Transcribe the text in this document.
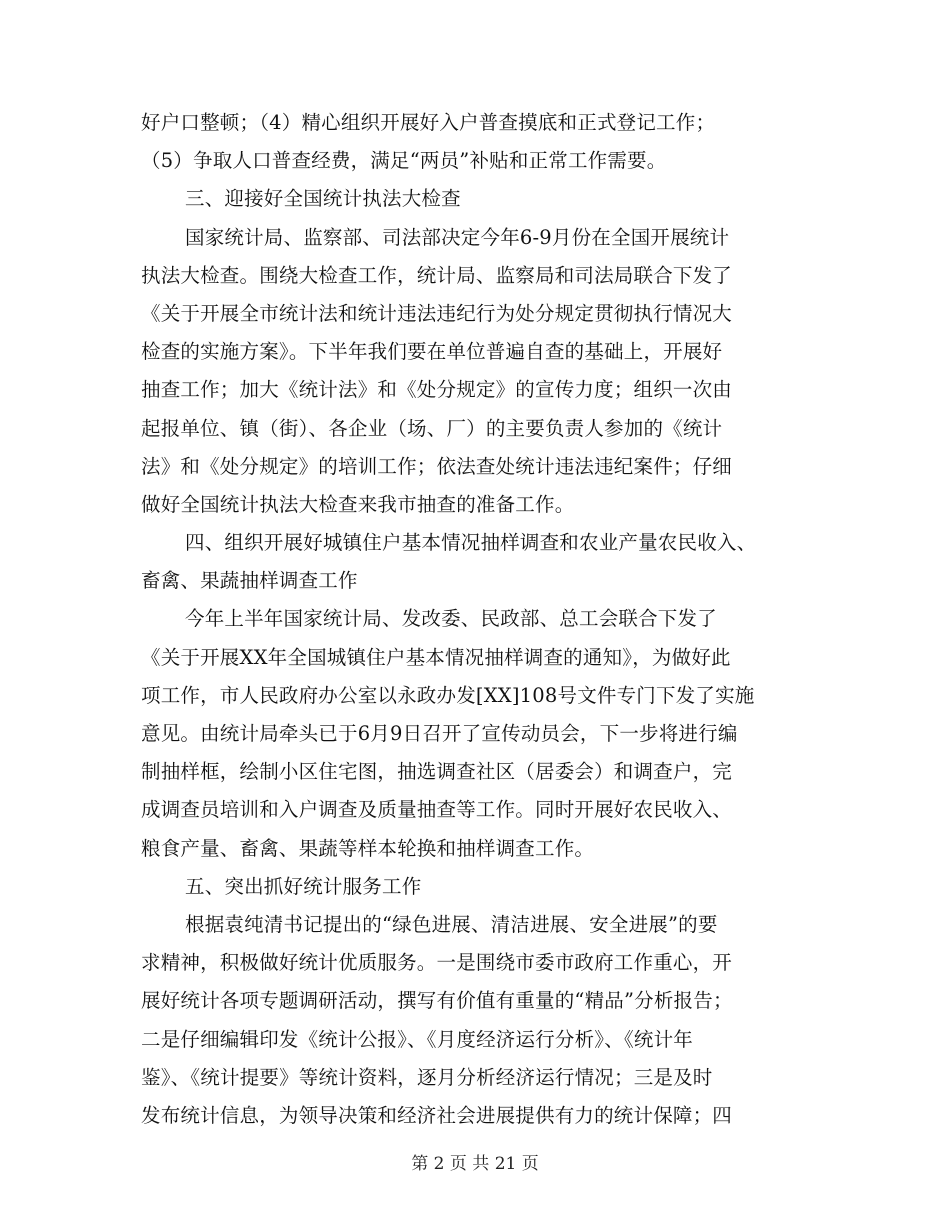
好户口整顿；（4）精心组织开展好入户普查摸底和正式登记工作；
（5）争取人口普查经费，满足“两员”补贴和正常工作需要。
三、迎接好全国统计执法大检查
国家统计局、监察部、司法部决定今年6-9月份在全国开展统计
执法大检查。围绕大检查工作，统计局、监察局和司法局联合下发了
《关于开展全市统计法和统计违法违纪行为处分规定贯彻执行情况大
检查的实施方案》。下半年我们要在单位普遍自查的基础上，开展好
抽查工作；加大《统计法》和《处分规定》的宣传力度；组织一次由
起报单位、镇（街）、各企业（场、厂）的主要负责人参加的《统计
法》和《处分规定》的培训工作；依法查处统计违法违纪案件；仔细
做好全国统计执法大检查来我市抽查的准备工作。
四、组织开展好城镇住户基本情况抽样调查和农业产量农民收入、
畜禽、果蔬抽样调查工作
今年上半年国家统计局、发改委、民政部、总工会联合下发了
《关于开展XX年全国城镇住户基本情况抽样调查的通知》，为做好此
项工作，市人民政府办公室以永政办发[XX]108号文件专门下发了实施
意见。由统计局牵头已于6月9日召开了宣传动员会，下一步将进行编
制抽样框，绘制小区住宅图，抽选调查社区（居委会）和调查户，完
成调查员培训和入户调查及质量抽查等工作。同时开展好农民收入、
粮食产量、畜禽、果蔬等样本轮换和抽样调查工作。
五、突出抓好统计服务工作
根据袁纯清书记提出的“绿色进展、清洁进展、安全进展”的要
求精神，积极做好统计优质服务。一是围绕市委市政府工作重心，开
展好统计各项专题调研活动，撰写有价值有重量的“精品”分析报告；
二是仔细编辑印发《统计公报》、《月度经济运行分析》、《统计年
鉴》、《统计提要》等统计资料，逐月分析经济运行情况；三是及时
发布统计信息，为领导决策和经济社会进展提供有力的统计保障；四
第 2 页 共 21 页
